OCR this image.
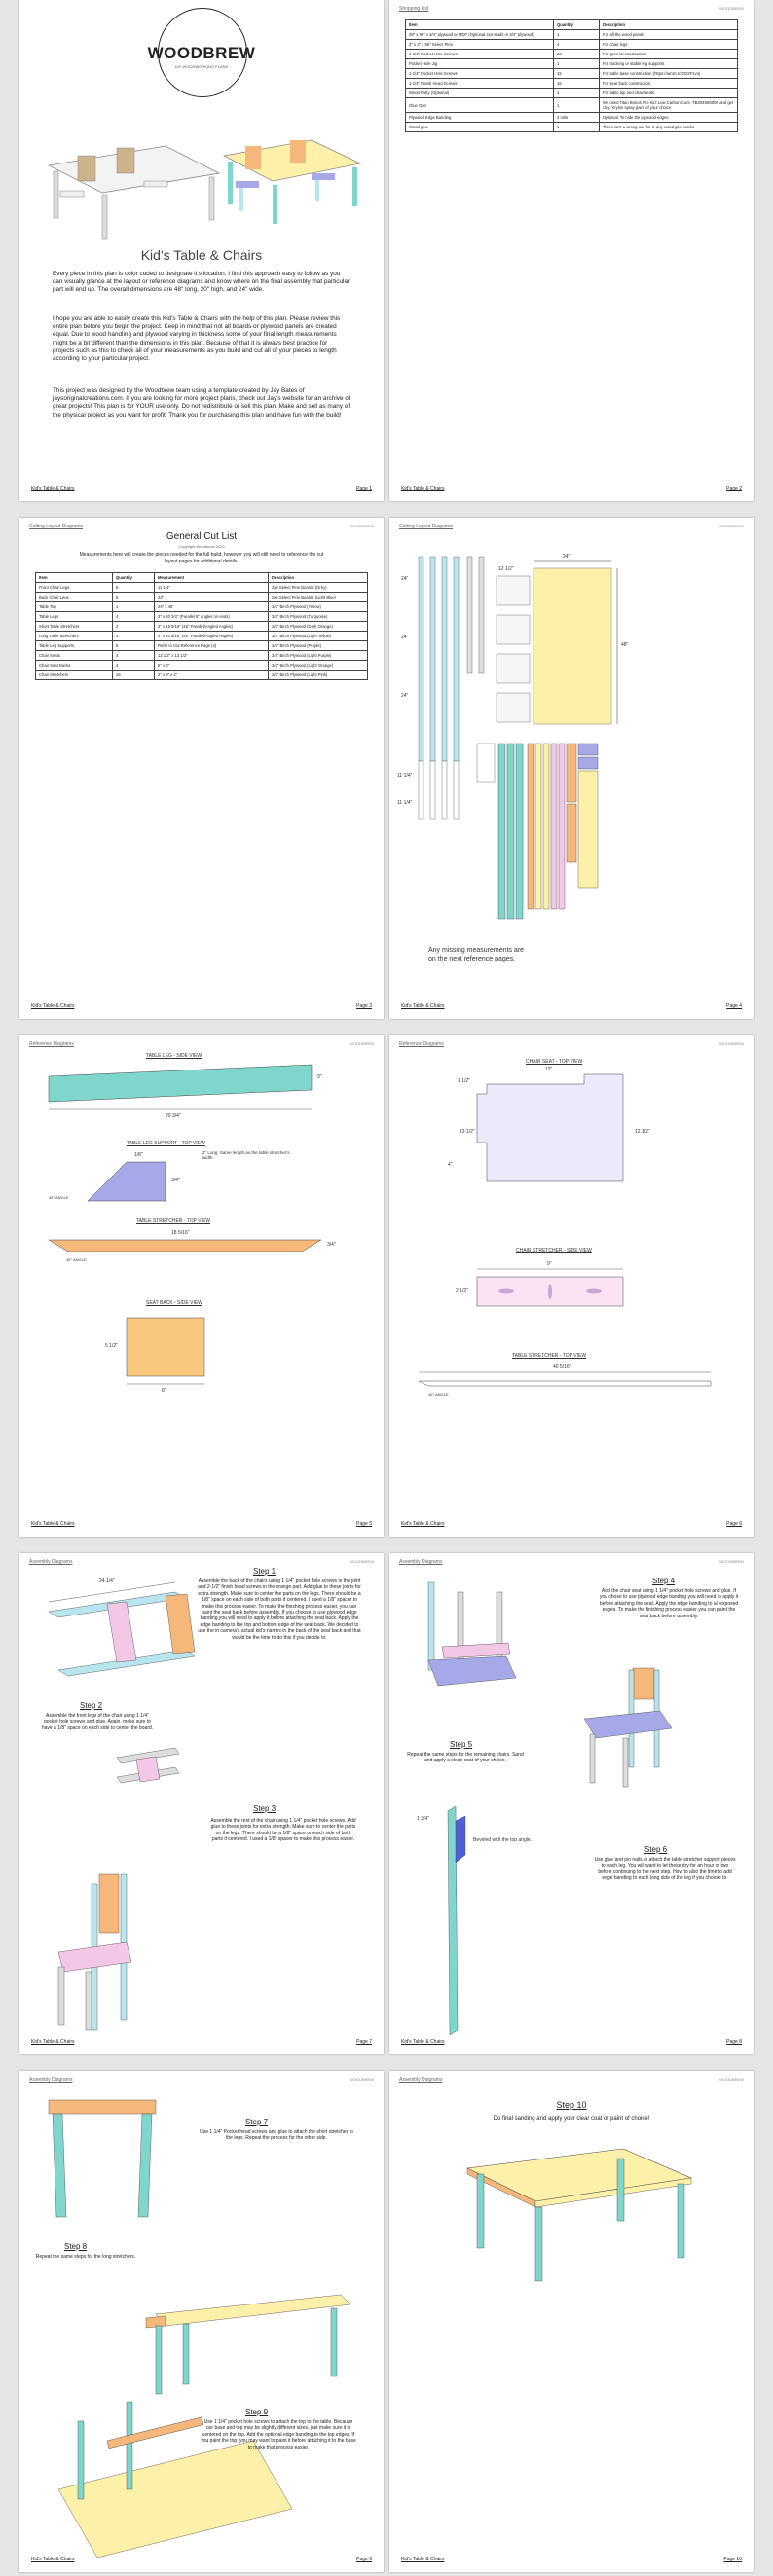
WOODBREW
DIY WOODWORKING PLANS
Kid's Table & Chairs
Every piece in this plan is color coded to designate it's location. I find this approach easy to follow as you can visually glance at the layout or reference diagrams and know where on the final assembly that particular part will end up. The overall dimensions are 48" long, 20" high, and 24" wide.
I hope you are able to easily create this Kid's Table & Chairs with the help of this plan. Please review this entire plan before you begin the project. Keep in mind that not all boards or plywood panels are created equal. Due to wood handling and plywood varying in thickness some of your final length measurements might be a bit different than the dimensions in this plan. Because of that it is always best practice for projects such as this to check all of your measurements as you build and cut all of your pieces to length according to your particular project.
This project was designed by the Woodbrew team using a template created by Jay Bates of jaysoriginalcreations.com. If you are looking for more project plans, check out Jay's website for an archive of great projects! This plan is for YOUR use only. Do not redistribute or sell this plan. Make and sell as many of the physical project as you want for profit. Thank you for purchasing this plan and have fun with the build!
Kid's Table & Chairs	Page 1
Shopping List	WOODBREW
Item	Quantity	Description
48" x 96" x 3/4" plywood or MDF (Optional 2x4 studs or 3/4" plywood)	1	For all the wood panels
2" x 3" x 96" Select Pine	4	For chair legs
1-1/4" Pocket Hole Screws	28	For general construction
Pocket Hole Jig	1	For tracking or stable leg supports
1-1/4" Pocket Hole Screws	15	For table base construction (https://amzn.to/2O2F1vo)
1-1/4" Finish Head Screws	16	For seat back construction
Wood Putty (Optional)	1	For table top and chair seats
Glue Gun	1	We used Titan Bonus Pro Kid: Low Carbon Cure, TB304S8000F and gel clay, Krylon spray paint of your choice
Plywood Edge Banding	2 rolls	Optional: To hide the plywood edges
Wood glue	1	There isn't a wrong use for it, any wood glue works
Kid's Table & Chairs	Page 2
Cutting Layout Diagrams	WOODBREW
General Cut List
Copyright Woodbrew 2020
Measurements here will create the pieces needed for the full build, however you will still need to reference the cut layout pages for additional details.
Item	Quantity	Measurement	Description
Front Chair Legs	8	11 1/4"	2x2 Select Pine Boards (Grey)
Back Chair Legs	8	24"	2x2 Select Pine Boards (Light Blue)
Table Top	1	24" x 48"	3/4" Birch Plywood (Yellow)
Table Legs	4	3" x 20 3/4" (Parallel 8" angles on ends)	3/4" Birch Plywood (Turquoise)
Short Table Stretchers	2	3" x 18 5/16" (45° Parallel/Angled Angles)	3/4" Birch Plywood (Dark Orange)
Long Table Stretchers	2	3" x 40 5/16" (45° Parallel/Angled Angles)	3/4" Birch Plywood (Light Yellow)
Table Leg Supports	8	Refer to Cut Reference Page (4)	3/4" Birch Plywood (Purple)
Chair Seats	4	12 1/2" x 13 1/2"	3/4" Birch Plywood (Light Purple)
Chair Seat Backs	4	5" x 8"	3/4" Birch Plywood (Light Orange)
Chair Stretchers	16	2" x 9" x 2"	3/4" Birch Plywood (Light Pink)
Kid's Table & Chairs	Page 3
Cutting Layout Diagrams	WOODBREW
24"
48"
12 1/2"
24"
24"
24"
11 1/4"
11 1/4"
Any missing measurements are on the next reference pages.
Kid's Table & Chairs	Page 4
Reference Diagrams	WOODBREW
TABLE LEG - SIDE VIEW
20 3/4"
3"
TABLE LEG SUPPORT - TOP VIEW
2" Long. Same length as the table stretcher's width.
3/4"
1/8"
45° ANGLE
TABLE STRETCHER - TOP VIEW
18 5/16"
3/4"
45° ANGLE
SEAT BACK - SIDE VIEW
5 1/2"
8"
Kid's Table & Chairs	Page 5
Reference Diagrams	WOODBREW
CHAIR SEAT - TOP VIEW
1 1/2"
12"
12 1/2"
13 1/2"
4"
CHAIR STRETCHER - SIDE VIEW
9"
2 1/2"
TABLE STRETCHER - TOP VIEW
40 5/16"
45° ANGLE
Kid's Table & Chairs	Page 6
Assembly Diagrams	WOODBREW
24 1/4"
Step 1
Assemble the back of the chairs using 1 1/4" pocket hole screws in the joint and 2-1/2" finish head screws in the orange part. Add glue to these joints for extra strength. Make sure to center the parts on the legs. There should be a 1/8" space on each side of both parts if centered. I used a 1/8" spacer to make this process easier. To make the finishing process easier, you can paint the seat back before assembly. If you choose to use plywood edge banding you will need to apply it before attaching the seat back. Apply the edge banding to the top and bottom edge of the seat back. We decided to use the in camera's actual kid's names in the back of the seat back and that would be the time to do this if you decide to.
Step 2
Assemble the front legs of the chair using 1 1/4" pocket hole screws and glue. Again, make sure to have a 1/8" space on each side to center the board.
Step 3
Assemble the rest of the chair using 1 1/4" pocket hole screws. Add glue to these joints for extra strength. Make sure to center the parts on the legs. There should be a 1/8" space on each side of both parts if centered. I used a 1/8" spacer to make this process easier.
Kid's Table & Chairs	Page 7
Assembly Diagrams	WOODBREW
Step 4
Add the chair seat using 1 1/4" pocket hole screws and glue. If you chose to use plywood edge banding you will need to apply it before attaching the seat. Apply the edge banding to all exposed edges. To make the finishing process easier you can paint the seat back before assembly.
Step 5
Repeat the same steps for the remaining chairs. Sand and apply a clean coat of your choice.
1 3/4"
Beveled with the top angle.
Step 6
Use glue and pin nails to attach the table stretcher support pieces to each leg. You will want to let these dry for an hour or two before continuing to the next step. How to also the time to add edge banding to each long side of the leg if you choose to.
Kid's Table & Chairs	Page 8
Assembly Diagrams	WOODBREW
Step 7
Use 1 1/4" Pocket head screws and glue to attach the short stretcher to the legs. Repeat the process for the other side.
Step 8
Repeat the same steps for the long stretchers.
Step 9
Use 1 1/4" pocket hole screws to attach the top to the table. Because our base and top may be slightly different sizes, just make sure it is centered on the top. Add the optional edge banding to the top edges. If you paint the top, you may want to paint it before attaching it to the base to make that process easier.
Kid's Table & Chairs	Page 9
Assembly Diagrams	WOODBREW
Step 10
Do final sanding and apply your clear coat or paint of choice!
Kid's Table & Chairs	Page 10
